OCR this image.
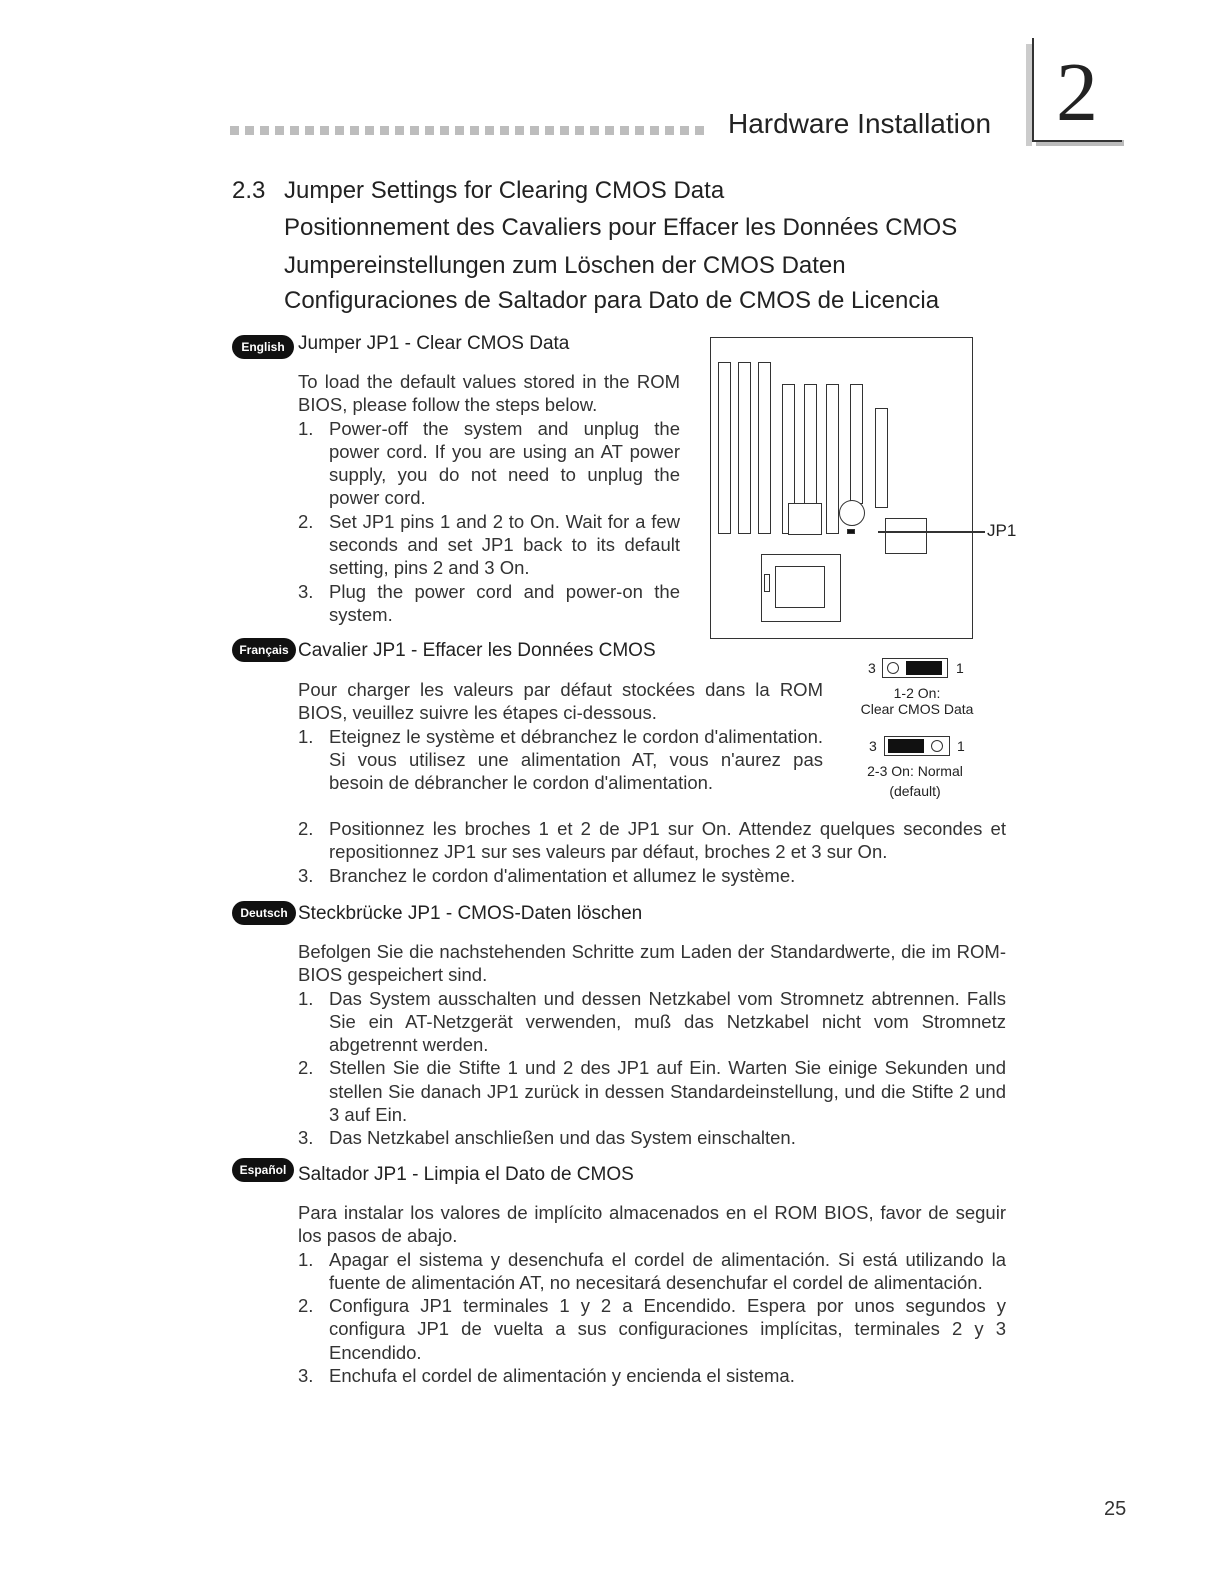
Hardware Installation 2
2.3 Jumper Settings for Clearing CMOS Data
Positionnement des Cavaliers pour Effacer les Données CMOS
Jumpereinstellungen zum Löschen der CMOS Daten
Configuraciones de Saltador para Dato de CMOS de Licencia
JP1
3	1
1-2 On:
Clear CMOS Data
3	1
2-3 On: Normal
(default)
English Jumper JP1 - Clear CMOS Data

To load the default values stored in the ROM BIOS, please follow the steps below.

1. Power-off the system and unplug the power cord. If you are using an AT power supply, you do not need to unplug the power cord.
2. Set JP1 pins 1 and 2 to On. Wait for a few seconds and set JP1 back to its default setting, pins 2 and 3 On.
3. Plug the power cord and power-on the system.
Français Cavalier JP1 - Effacer les Données CMOS

Pour charger les valeurs par défaut stockées dans la ROM BIOS, veuillez suivre les étapes ci-dessous.

1. Eteignez le système et débranchez le cordon d'alimentation. Si vous utilisez une alimentation AT, vous n'aurez pas besoin de débrancher le cordon d'alimentation.
2. Positionnez les broches 1 et 2 de JP1 sur On. Attendez quelques secondes et repositionnez JP1 sur ses valeurs par défaut, broches 2 et 3 sur On.
3. Branchez le cordon d'alimentation et allumez le système.
Deutsch Steckbrücke JP1 - CMOS-Daten löschen

Befolgen Sie die nachstehenden Schritte zum Laden der Standardwerte, die im ROM-BIOS gespeichert sind.

1. Das System ausschalten und dessen Netzkabel vom Stromnetz abtrennen. Falls Sie ein AT-Netzgerät verwenden, muß das Netzkabel nicht vom Stromnetz abgetrennt werden.
2. Stellen Sie die Stifte 1 und 2 des JP1 auf Ein. Warten Sie einige Sekunden und stellen Sie danach JP1 zurück in dessen Standardeinstellung, und die Stifte 2 und 3 auf Ein.
3. Das Netzkabel anschließen und das System einschalten.
Español Saltador JP1 - Limpia el Dato de CMOS

Para instalar los valores de implícito almacenados en el ROM BIOS, favor de seguir los pasos de abajo.

1. Apagar el sistema y desenchufa el cordel de alimentación. Si está utilizando la fuente de alimentación AT, no necesitará desenchufar el cordel de alimentación.
2. Configura JP1 terminales 1 y 2 a Encendido. Espera por unos segundos y configura JP1 de vuelta a sus configuraciones implícitas, terminales 2 y 3 Encendido.
3. Enchufa el cordel de alimentación y encienda el sistema.
25
